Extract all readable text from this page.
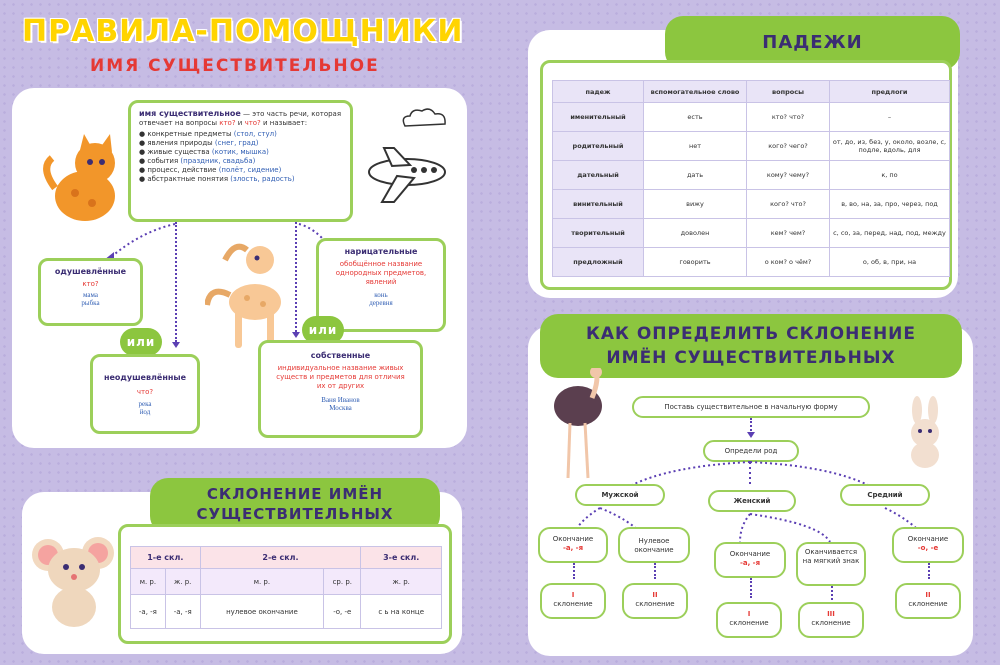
ПРАВИЛА-ПОМОЩНИКИ
ИМЯ СУЩЕСТВИТЕЛЬНОЕ
имя существительное — это часть речи, которая отвечает на вопросы кто? и что? и называет:
● конкретные предметы (стол, стул)
● явления природы (снег, град)
● живые существа (котик, мышка)
● события (праздник, свадьба)
● процесс, действие (полёт, сидение)
● абстрактные понятия (злость, радость)
одушевлённые
кто?
мама
рыбка
или
неодушевлённые
что?
река
йод
нарицательные
обобщённое название однородных предметов, явлений
конь
деревня
или
собственные
индивидуальное название живых существ и предметов для отличия их от других
Ваня Иванов
Москва
ПАДЕЖИ
падеж	вспомогательное слово	вопросы	предлоги
именительный	есть	кто? что?	–
родительный	нет	кого? чего?	от, до, из, без, у, около, возле, с, подле, вдоль, для
дательный	дать	кому? чему?	к, по
винительный	вижу	кого? что?	в, во, на, за, про, через, под
творительный	доволен	кем? чем?	с, со, за, перед, над, под, между
предложный	говорить	о ком? о чём?	о, об, в, при, на
СКЛОНЕНИЕ ИМЁН
СУЩЕСТВИТЕЛЬНЫХ
1-е скл.		2-е скл.		3-е скл.
м. р.	ж. р.	м. р.	ср. р.	ж. р.
-а, -я	-а, -я	нулевое окончание	-о, -е	с ь на конце
КАК ОПРЕДЕЛИТЬ СКЛОНЕНИЕ
ИМЁН СУЩЕСТВИТЕЛЬНЫХ
Поставь существительное в начальную форму
Определи род
Мужской
Женский
Средний
Окончание
-а, -я
Нулевое окончание	Окончание
-а, -я
Оканчивается на мягкий знак
Окончание
-о, -е
I
склонение
II
склонение
I
склонение
III
склонение
II
склонение
